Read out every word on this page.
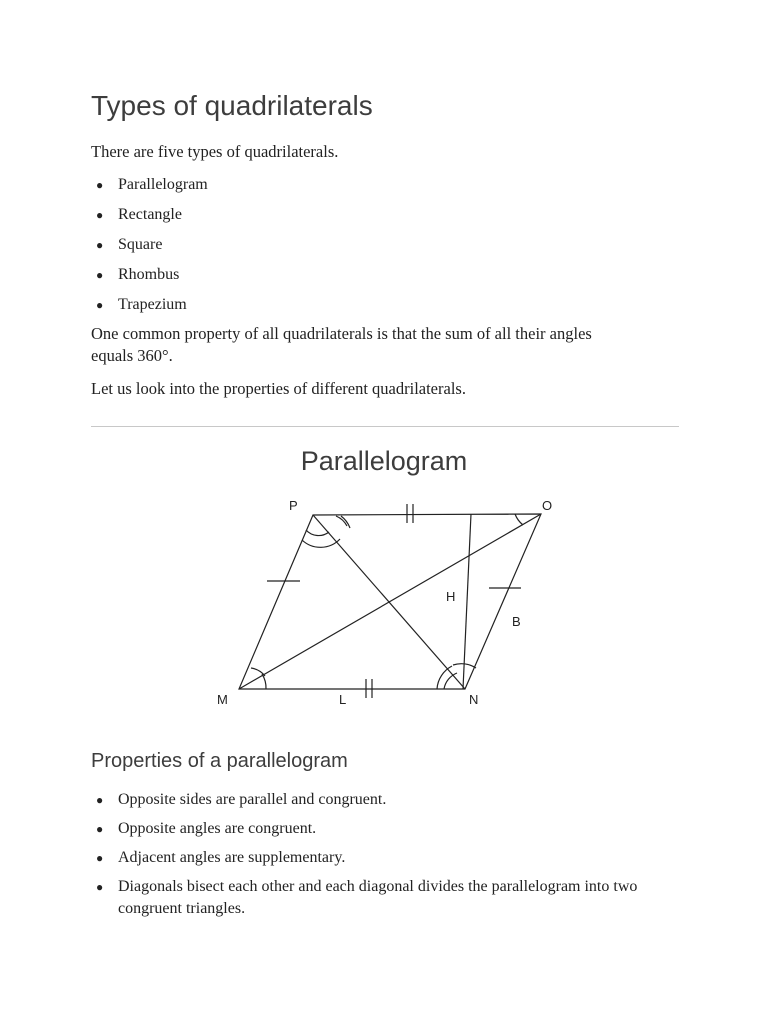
Types of quadrilaterals

There are five types of quadrilaterals.

● Parallelogram
● Rectangle
● Square
● Rhombus
● Trapezium

One common property of all quadrilaterals is that the sum of all their angles
equals 360°.

Let us look into the properties of different quadrilaterals.

Parallelogram
P	O
M	N
L
H
B
Properties of a parallelogram
● Opposite sides are parallel and congruent.
● Opposite angles are congruent.
● Adjacent angles are supplementary.
● Diagonals bisect each other and each diagonal divides the parallelogram into two congruent triangles.
